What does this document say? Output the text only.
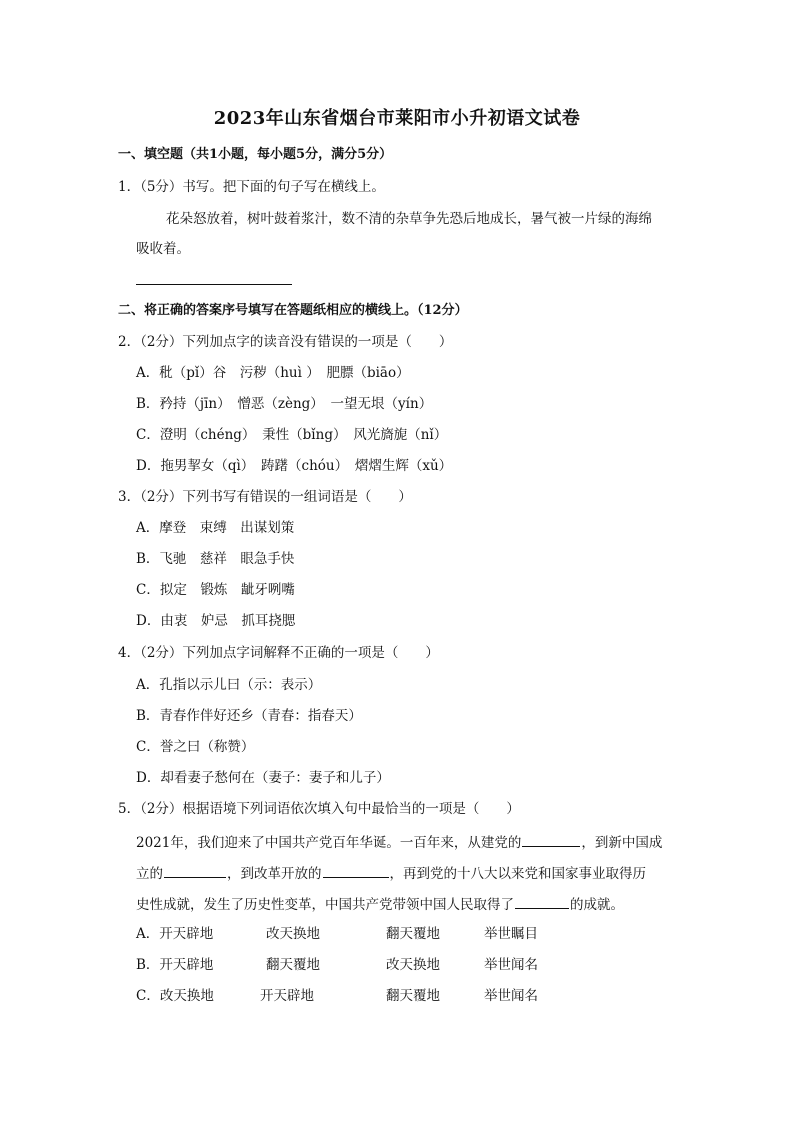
2023年山东省烟台市莱阳市小升初语文试卷
一、填空题（共1小题，每小题5分，满分5分）
1．（5分）书写。把下面的句子写在横线上。
花朵怒放着，树叶鼓着浆汁，数不清的杂草争先恐后地成长，暑气被一片绿的海绵
吸收着。
二、将正确的答案序号填写在答题纸相应的横线上。（12分）
2．（2分）下列加点字的读音没有错误的一项是（　　）
A．秕（pǐ）谷　污秽（huì ）　肥膘（biāo）
B．矜持（jīn）　憎恶（zèng）　一望无垠（yín）
C．澄明（chéng）　秉性（bǐng）　风光旖旎（nǐ）
D．拖男挈女（qì）　踌躇（chóu）　熠熠生辉（xǔ）
3．（2分）下列书写有错误的一组词语是（　　）
A．摩登　束缚　出谋划策
B．飞驰　慈祥　眼急手快
C．拟定　锻炼　龇牙咧嘴
D．由衷　妒忌　抓耳挠腮
4．（2分）下列加点字词解释不正确的一项是（　　）
A．孔指以示儿曰（示：表示）
B．青春作伴好还乡（青春：指春天）
C．誉之曰（称赞）
D．却看妻子愁何在（妻子：妻子和儿子）
5．（2分）根据语境下列词语依次填入句中最恰当的一项是（　　）
2021年，我们迎来了中国共产党百年华诞。一百年来，从建党的	，到新中国成
立的	，到改革开放的	，再到党的十八大以来党和国家事业取得历
史性成就，发生了历史性变革，中国共产党带领中国人民取得了	的成就。
A．开天辟地	改天换地	翻天覆地	举世瞩目
B．开天辟地	翻天覆地	改天换地	举世闻名
C．改天换地	开天辟地	翻天覆地	举世闻名
